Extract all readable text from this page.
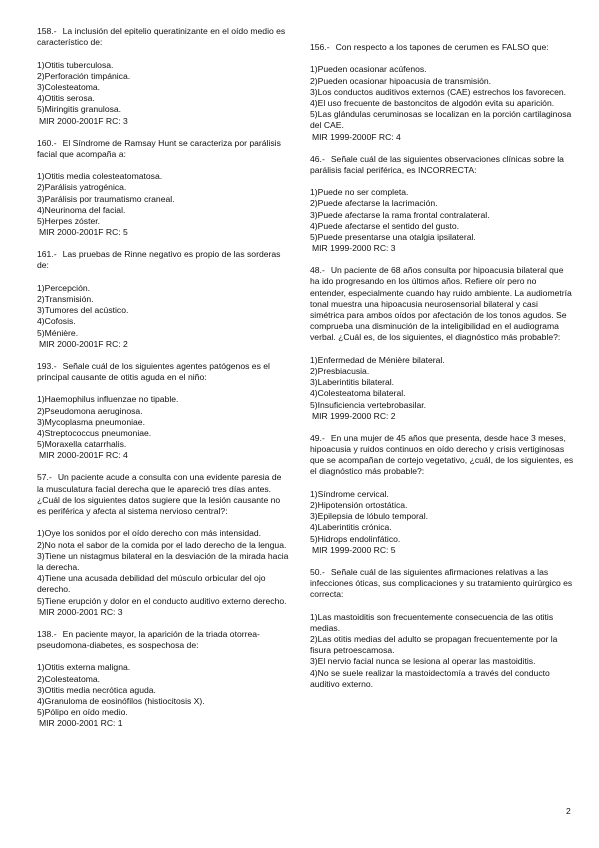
158.- La inclusión del epitelio queratinizante en el oído medio es característico de:
1)Otitis tuberculosa.
2)Perforación timpánica.
3)Colesteatoma.
4)Otitis serosa.
5)Miringitis granulosa.
MIR 2000-2001F RC: 3
160.- El Síndrome de Ramsay Hunt se caracteriza por parálisis facial que acompaña a:
1)Otitis media colesteatomatosa.
2)Parálisis yatrogénica.
3)Parálisis por traumatismo craneal.
4)Neurinoma del facial.
5)Herpes zóster.
MIR 2000-2001F RC: 5
161.- Las pruebas de Rinne negativo es propio de las sorderas de:
1)Percepción.
2)Transmisión.
3)Tumores del acústico.
4)Cofosis.
5)Ménière.
MIR 2000-2001F RC: 2
193.- Señale cuál de los siguientes agentes patógenos es el principal causante de otitis aguda en el niño:
1)Haemophilus influenzae no tipable.
2)Pseudomona aeruginosa.
3)Mycoplasma pneumoniae.
4)Streptococcus pneumoniae.
5)Moraxella catarrhalis.
MIR 2000-2001F RC: 4
57.- Un paciente acude a consulta con una evidente paresia de la musculatura facial derecha que le apareció tres días antes. ¿Cuál de los siguientes datos sugiere que la lesión causante no es periférica y afecta al sistema nervioso central?:
1)Oye los sonidos por el oído derecho con más intensidad.
2)No nota el sabor de la comida por el lado derecho de la lengua.
3)Tiene un nistagmus bilateral en la desviación de la mirada hacia la derecha.
4)Tiene una acusada debilidad del músculo orbicular del ojo derecho.
5)Tiene erupción y dolor en el conducto auditivo externo derecho.
MIR 2000-2001 RC: 3
138.- En paciente mayor, la aparición de la triada otorrea-pseudomona-diabetes, es sospechosa de:
1)Otitis externa maligna.
2)Colesteatoma.
3)Otitis media necrótica aguda.
4)Granuloma de eosinófilos (histiocitosis X).
5)Pólipo en oído medio.
MIR 2000-2001 RC: 1
156.- Con respecto a los tapones de cerumen es FALSO que:
1)Pueden ocasionar acúfenos.
2)Pueden ocasionar hipoacusia de transmisión.
3)Los conductos auditivos externos (CAE) estrechos los favorecen.
4)El uso frecuente de bastoncitos de algodón evita su aparición.
5)Las glándulas ceruminosas se localizan en la porción cartilaginosa del CAE.
MIR 1999-2000F RC: 4
46.- Señale cuál de las siguientes observaciones clínicas sobre la parálisis facial periférica, es INCORRECTA:
1)Puede no ser completa.
2)Puede afectarse la lacrimación.
3)Puede afectarse la rama frontal contralateral.
4)Puede afectarse el sentido del gusto.
5)Puede presentarse una otalgia ipsilateral.
MIR 1999-2000 RC: 3
48.- Un paciente de 68 años consulta por hipoacusia bilateral que ha ido progresando en los últimos años. Refiere oír pero no entender, especialmente cuando hay ruido ambiente. La audiometría tonal muestra una hipoacusia neurosensorial bilateral y casi simétrica para ambos oídos por afectación de los tonos agudos. Se comprueba una disminución de la inteligibilidad en el audiograma verbal. ¿Cuál es, de los siguientes, el diagnóstico más probable?:
1)Enfermedad de Ménière bilateral.
2)Presbiacusia.
3)Laberintitis bilateral.
4)Colesteatoma bilateral.
5)Insuficiencia vertebrobasilar.
MIR 1999-2000 RC: 2
49.- En una mujer de 45 años que presenta, desde hace 3 meses, hipoacusia y ruidos continuos en oído derecho y crisis vertiginosas que se acompañan de cortejo vegetativo, ¿cuál, de los siguientes, es el diagnóstico más probable?:
1)Síndrome cervical.
2)Hipotensión ortostática.
3)Epilepsia de lóbulo temporal.
4)Laberintitis crónica.
5)Hidrops endolinfático.
MIR 1999-2000 RC: 5
50.- Señale cuál de las siguientes afirmaciones relativas a las infecciones óticas, sus complicaciones y su tratamiento quirúrgico es correcta:
1)Las mastoiditis son frecuentemente consecuencia de las otitis medias.
2)Las otitis medias del adulto se propagan frecuentemente por la fisura petroescamosa.
3)El nervio facial nunca se lesiona al operar las mastoiditis.
4)No se suele realizar la mastoidectomía a través del conducto auditivo externo.
2
